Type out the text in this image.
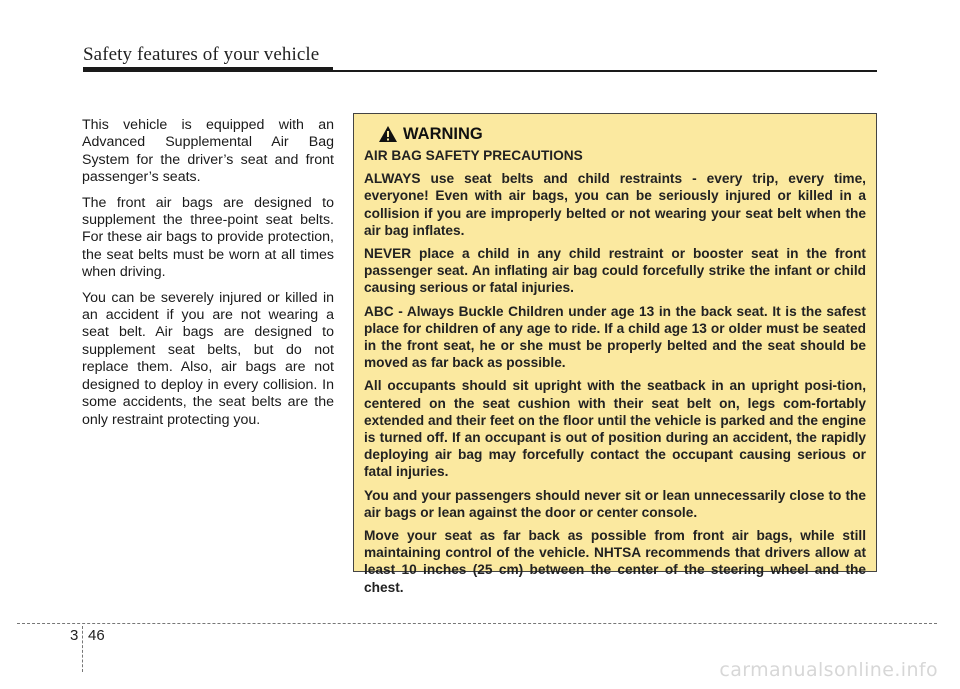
Safety features of your vehicle

This vehicle is equipped with an Advanced Supplemental Air Bag System for the driver’s seat and front passenger’s seats.

The front air bags are designed to supplement the three-point seat belts. For these air bags to provide protection, the seat belts must be worn at all times when driving.

You can be severely injured or killed in an accident if you are not wearing a seat belt. Air bags are designed to supplement seat belts, but do not replace them. Also, air bags are not designed to deploy in every collision. In some accidents, the seat belts are the only restraint protecting you.

WARNING

AIR BAG SAFETY PRECAUTIONS

ALWAYS use seat belts and child restraints - every trip, every time, everyone! Even with air bags, you can be seriously injured or killed in a collision if you are improperly belted or not wearing your seat belt when the air bag inflates.

NEVER place a child in any child restraint or booster seat in the front passenger seat. An inflating air bag could forcefully strike the infant or child causing serious or fatal injuries.

ABC - Always Buckle Children under age 13 in the back seat. It is the safest place for children of any age to ride. If a child age 13 or older must be seated in the front seat, he or she must be properly belted and the seat should be moved as far back as possible.

All occupants should sit upright with the seatback in an upright posi-tion, centered on the seat cushion with their seat belt on, legs com-fortably extended and their feet on the floor until the vehicle is parked and the engine is turned off. If an occupant is out of position during an accident, the rapidly deploying air bag may forcefully contact the occupant causing serious or fatal injuries.

You and your passengers should never sit or lean unnecessarily close to the air bags or lean against the door or center console.

Move your seat as far back as possible from front air bags, while still maintaining control of the vehicle. NHTSA recommends that drivers allow at least 10 inches (25 cm) between the center of the steering wheel and the chest.

3 46
carmanualsonline.info
